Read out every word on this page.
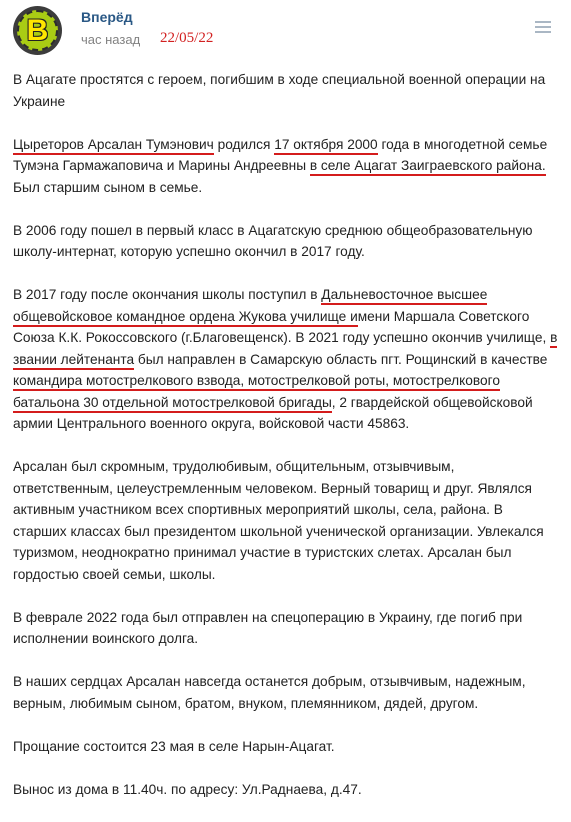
B	Вперёд
час назад 22/05/22

В Ацагате простятся с героем, погибшим в ходе специальной военной операции на Украине

Цыреторов Арсалан Тумэнович родился 17 октября 2000 года в многодетной семье Тумэна Гармажаповича и Марины Андреевны в селе Ацагат Заиграевского района. Был старшим сыном в семье.

В 2006 году пошел в первый класс в Ацагатскую среднюю общеобразовательную школу-интернат, которую успешно окончил в 2017 году.

В 2017 году после окончания школы поступил в Дальневосточное высшее общевойсковое командное ордена Жукова училище имени Маршала Советского Союза К.К. Рокоссовского (г.Благовещенск). В 2021 году успешно окончив училище, в звании лейтенанта был направлен в Самарскую область пгт. Рощинский в качестве командира мотострелкового взвода, мотострелковой роты, мотострелкового батальона 30 отдельной мотострелковой бригады, 2 гвардейской общевойсковой армии Центрального военного округа, войсковой части 45863.

Арсалан был скромным, трудолюбивым, общительным, отзывчивым, ответственным, целеустремленным человеком. Верный товарищ и друг. Являлся активным участником всех спортивных мероприятий школы, села, района. В старших классах был президентом школьной ученической организации. Увлекался туризмом, неоднократно принимал участие в туристских слетах. Арсалан был гордостью своей семьи, школы.

В феврале 2022 года был отправлен на спецоперацию в Украину, где погиб при исполнении воинского долга.

В наших сердцах Арсалан навсегда останется добрым, отзывчивым, надежным, верным, любимым сыном, братом, внуком, племянником, дядей, другом.

Прощание состоится 23 мая в селе Нарын-Ацагат.

Вынос из дома в 11.40ч. по адресу: Ул.Раднаева, д.47.
